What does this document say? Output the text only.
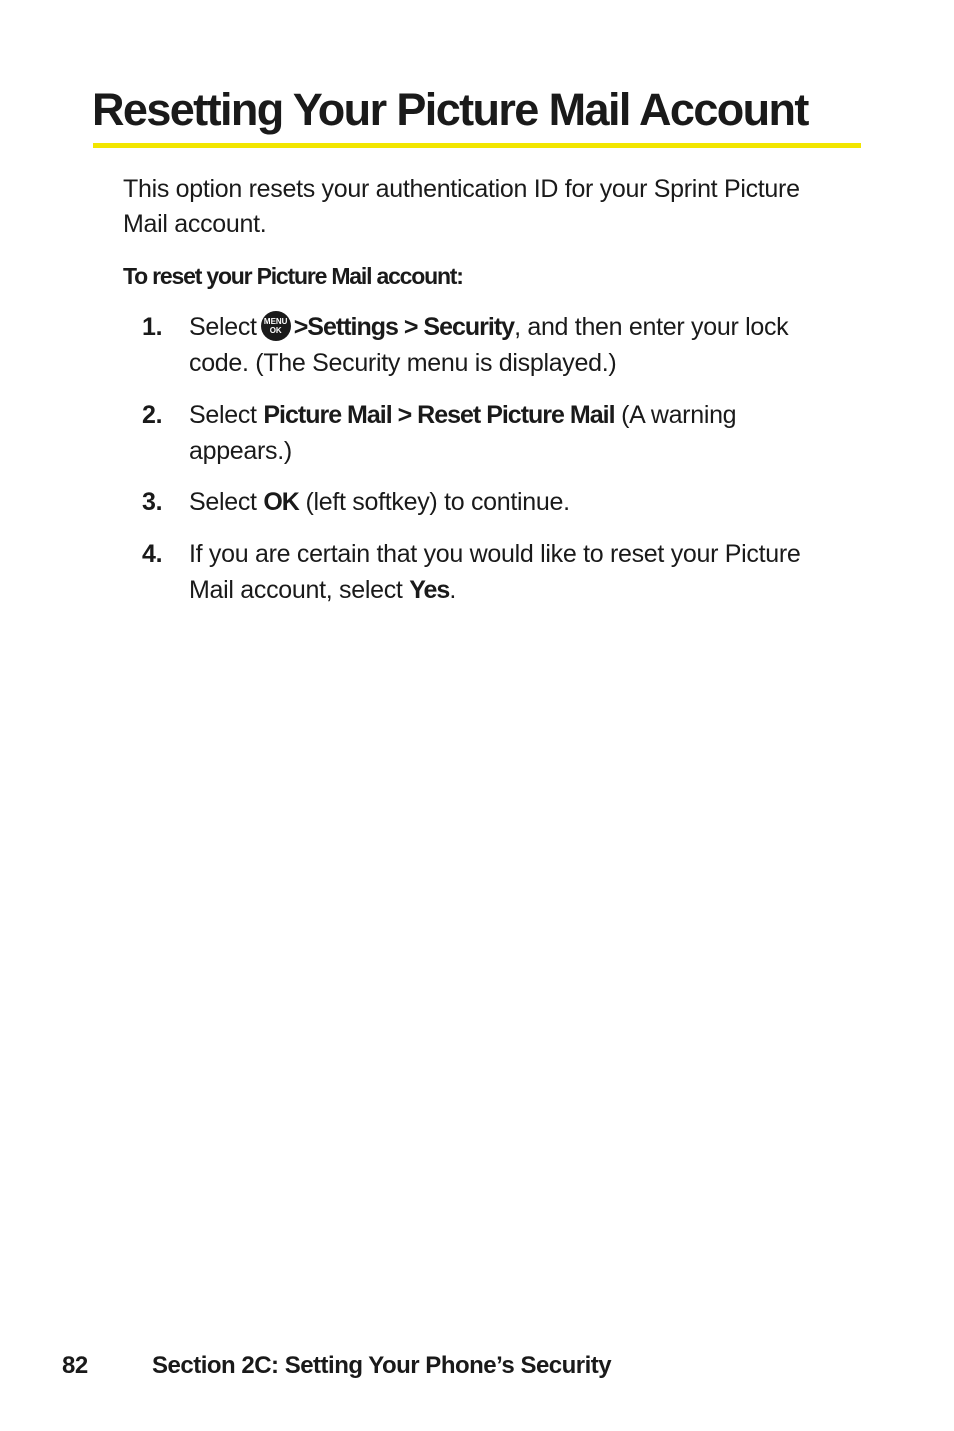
Resetting Your Picture Mail Account

This option resets your authentication ID for your Sprint Picture Mail account.

To reset your Picture Mail account:

1. Select MENU
OK >Settings > Security, and then enter your lock code. (The Security menu is displayed.)
2. Select Picture Mail > Reset Picture Mail (A warning appears.)
3. Select OK (left softkey) to continue.
4. If you are certain that you would like to reset your Picture Mail account, select Yes.
82	Section 2C: Setting Your Phone’s Security
